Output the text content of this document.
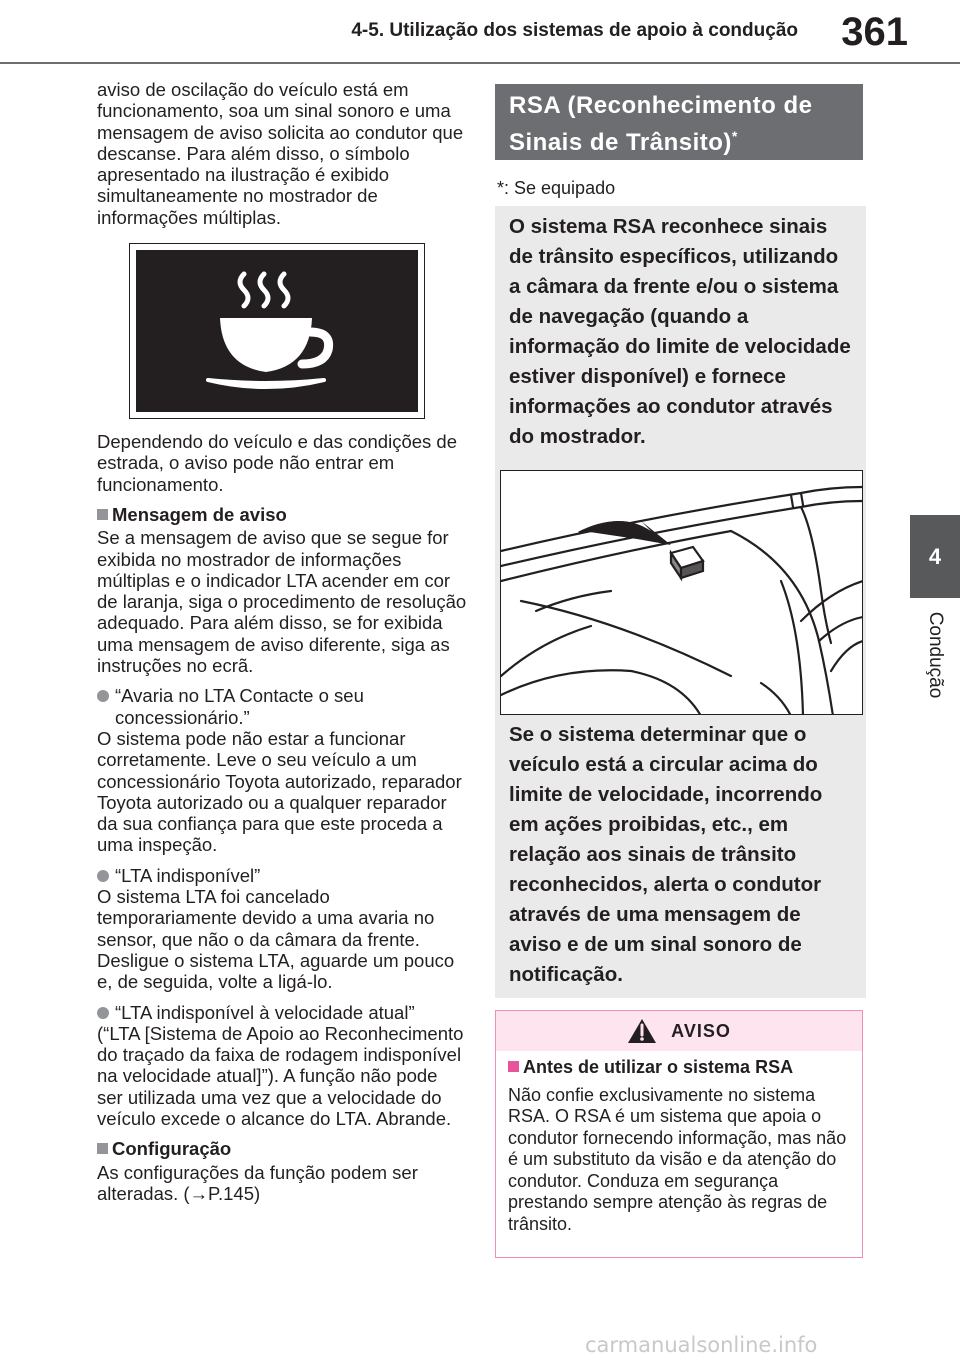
4-5. Utilização dos sistemas de apoio à condução	361
4
Condução

aviso de oscilação do veículo está em funcionamento, soa um sinal sonoro e uma mensagem de aviso solicita ao condutor que descanse. Para além disso, o símbolo apresentado na ilustração é exibido simultaneamente no mostrador de informações múltiplas.

Dependendo do veículo e das condições de estrada, o aviso pode não entrar em funcionamento.

Mensagem de aviso

Se a mensagem de aviso que se segue for exibida no mostrador de informações múltiplas e o indicador LTA acender em cor de laranja, siga o procedimento de resolução adequado. Para além disso, se for exibida uma mensagem de aviso diferente, siga as instruções no ecrã.

“Avaria no LTA Contacte o seu concessionário.”

O sistema pode não estar a funcionar corretamente. Leve o seu veículo a um concessionário Toyota autorizado, reparador Toyota autorizado ou a qualquer reparador da sua confiança para que este proceda a uma inspeção.

“LTA indisponível”

O sistema LTA foi cancelado temporariamente devido a uma avaria no sensor, que não o da câmara da frente. Desligue o sistema LTA, aguarde um pouco e, de seguida, volte a ligá-lo.

“LTA indisponível à velocidade atual”

(“LTA [Sistema de Apoio ao Reconhecimento do traçado da faixa de rodagem indisponível na velocidade atual]”). A função não pode ser utilizada uma vez que a velocidade do veículo excede o alcance do LTA. Abrande.

Configuração

As configurações da função podem ser alteradas. (→P.145)

RSA (Reconhecimento de Sinais de Trânsito)*
*: Se equipado

O sistema RSA reconhece sinais de trânsito específicos, utilizando a câmara da frente e/ou o sistema de navegação (quando a informação do limite de velocidade estiver disponível) e fornece informações ao condutor através do mostrador.

Se o sistema determinar que o veículo está a circular acima do limite de velocidade, incorrendo em ações proibidas, etc., em relação aos sinais de trânsito reconhecidos, alerta o condutor através de uma mensagem de aviso e de um sinal sonoro de notificação.

AVISO

Antes de utilizar o sistema RSA

Não confie exclusivamente no sistema RSA. O RSA é um sistema que apoia o condutor fornecendo informação, mas não é um substituto da visão e da atenção do condutor. Conduza em segurança prestando sempre atenção às regras de trânsito.

carmanualsonline.info
